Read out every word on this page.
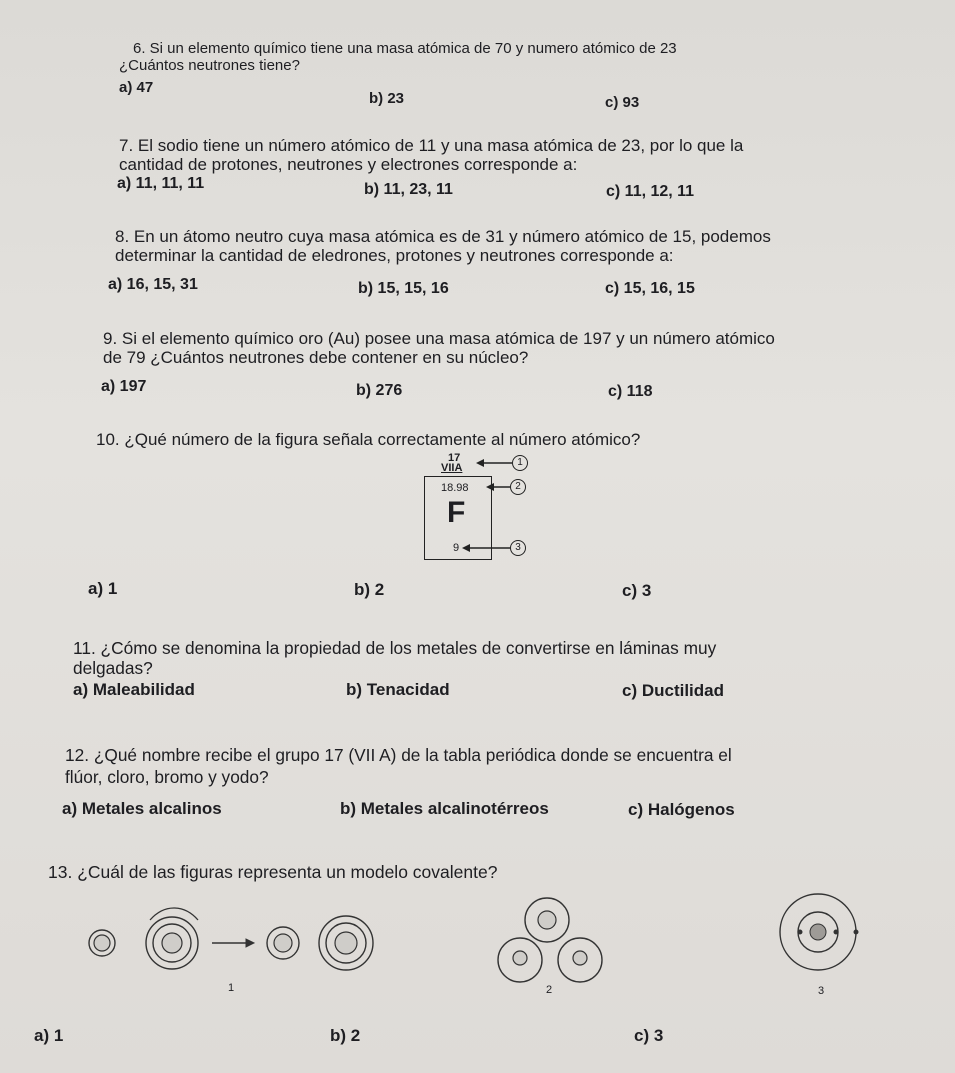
6. Si un elemento químico tiene una masa atómica de 70 y numero atómico de 23
¿Cuántos neutrones tiene?
a) 47
b) 23	c) 93
7. El sodio tiene un número atómico de 11 y una masa atómica de 23, por lo que la
cantidad de protones, neutrones y electrones corresponde a:
a) 11, 11, 11	b) 11, 23, 11	c) 11, 12, 11
8. En un átomo neutro cuya masa atómica es de 31 y número atómico de 15, podemos
determinar la cantidad de eledrones, protones y neutrones corresponde a:
a) 16, 15, 31	b) 15, 15, 16	c) 15, 16, 15
9. Si el elemento químico oro (Au) posee una masa atómica de 197 y un número atómico
de 79 ¿Cuántos neutrones debe contener en su núcleo?
a) 197	b) 276	c) 118
10. ¿Qué número de la figura señala correctamente al número atómico?
17
VIIA
18.98
F
9
1
2
3
a) 1	b) 2	c) 3
11. ¿Cómo se denomina la propiedad de los metales de convertirse en láminas muy
delgadas?
a) Maleabilidad	b) Tenacidad	c) Ductilidad
12. ¿Qué nombre recibe el grupo 17 (VII A) de la tabla periódica donde se encuentra el
flúor, cloro, bromo y yodo?
a) Metales alcalinos	b) Metales alcalinotérreos	c) Halógenos
13. ¿Cuál de las figuras representa un modelo covalente?
1	2	3
a) 1	b) 2	c) 3
